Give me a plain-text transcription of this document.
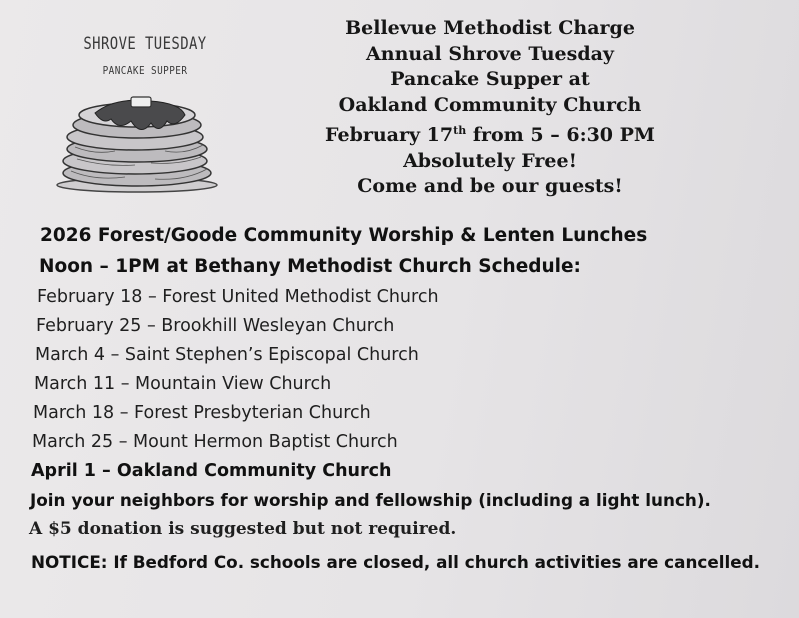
SHROVE TUESDAY
PANCAKE SUPPER
Bellevue Methodist Charge
Annual Shrove Tuesday
Pancake Supper at
Oakland Community Church
February 17th from 5 – 6:30 PM
Absolutely Free!
Come and be our guests!
2026 Forest/Goode Community Worship & Lenten Lunches
Noon – 1PM at Bethany Methodist Church Schedule:
February 18 – Forest United Methodist Church
February 25 – Brookhill Wesleyan Church
March 4 – Saint Stephen’s Episcopal Church
March 11 – Mountain View Church
March 18 – Forest Presbyterian Church
March 25 – Mount Hermon Baptist Church
April 1 – Oakland Community Church
Join your neighbors for worship and fellowship (including a light lunch).
A $5 donation is suggested but not required.
NOTICE: If Bedford Co. schools are closed, all church activities are cancelled.
